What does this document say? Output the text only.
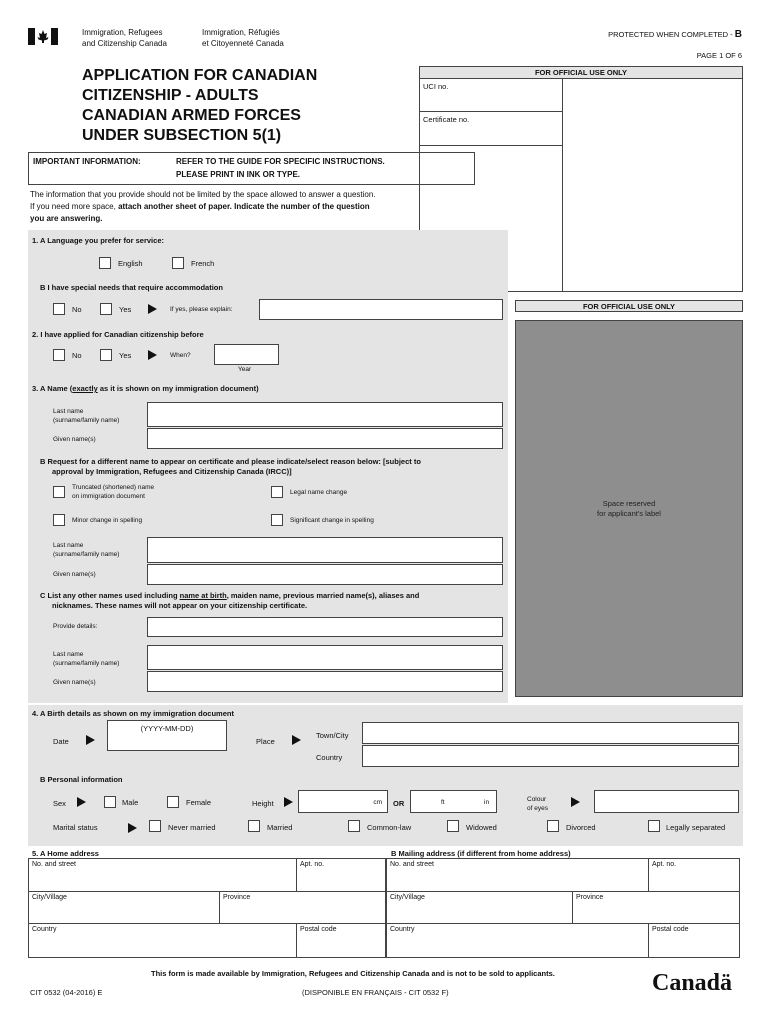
Immigration, Refugees
and Citizenship Canada
Immigration, Réfugiés
et Citoyenneté Canada
PROTECTED WHEN COMPLETED - B
PAGE 1 OF 6
APPLICATION FOR CANADIAN
CITIZENSHIP - ADULTS
CANADIAN ARMED FORCES
UNDER SUBSECTION 5(1)
FOR OFFICIAL USE ONLY
UCI no.
Certificate no.
FOR OFFICIAL USE ONLY
Space reserved
for applicant's label
IMPORTANT INFORMATION:	REFER TO THE GUIDE FOR SPECIFIC INSTRUCTIONS.
PLEASE PRINT IN INK OR TYPE.
The information that you provide should not be limited by the space allowed to answer a question.
If you need more space, attach another sheet of paper. Indicate the number of the question
you are answering.
1. A Language you prefer for service:
English	French
B I have special needs that require accommodation
No	Yes	If yes, please explain:
2. I have applied for Canadian citizenship before
No	Yes	When?
Year
3. A Name (exactly as it is shown on my immigration document)
Last name
(surname/family name)
Given name(s)
B Request for a different name to appear on certificate and please indicate/select reason below: [subject to
approval by Immigration, Refugees and Citizenship Canada (IRCC)]
Truncated (shortened) name
on immigration document
Legal name change
Minor change in spelling	Significant change in spelling
Last name
(surname/family name)
Given name(s)
C List any other names used including name at birth, maiden name, previous married name(s), aliases and
nicknames. These names will not appear on your citizenship certificate.
Provide details:
Last name
(surname/family name)
Given name(s)
4. A Birth details as shown on my immigration document
Date
(YYYY-MM-DD)
Place
Town/City
Country
B Personal information
Sex	Male	Female	Height	cm OR	ft	in	Colour
of eyes
Marital status	Never married	Married	Common-law	Widowed	Divorced	Legally separated
5. A Home address	B Mailing address (if different from home address)
No. and street	Apt. no.
City/Village	Province
Country	Postal code
No. and street	Apt. no.
City/Village	Province
Country	Postal code
This form is made available by Immigration, Refugees and Citizenship Canada and is not to be sold to applicants.
CIT 0532 (04-2016) E	(DISPONIBLE EN FRANÇAIS - CIT 0532 F)	Canadä
